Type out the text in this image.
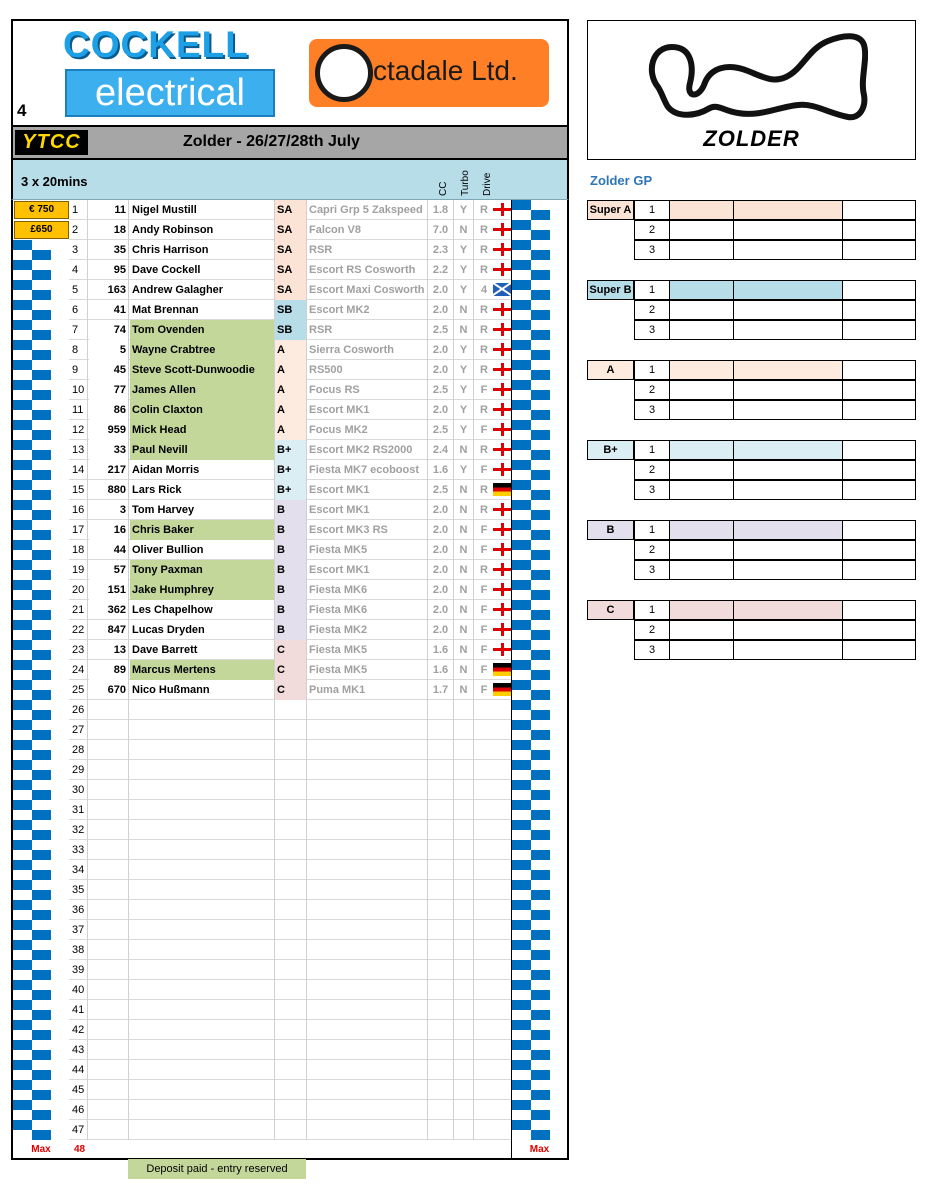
4
COCKELL
electrical
ctadale Ltd.
YTCC	Zolder - 26/27/28th July
3 x 20mins	CC Turbo Drive
€ 750	1	11 Nigel Mustill	SA	Capri Grp 5 Zakspeed 1.8	Y	R
£650	2	18 Andy Robinson	SA	Falcon V8	7.0	N	R
3	35 Chris Harrison	SA	RSR	2.3	Y	R
4	95 Dave Cockell	SA	Escort RS Cosworth	2.2	Y	R
5	163 Andrew Galagher	SA	Escort Maxi Cosworth 2.0	Y	4
6	41 Mat Brennan	SB	Escort MK2	2.0	N	R
7	74 Tom Ovenden	SB	RSR	2.5	N	R
8	5 Wayne Crabtree	A	Sierra Cosworth	2.0	Y	R
9	45 Steve Scott-Dunwoodie	A	RS500	2.0	Y	R
10	77 James Allen	A	Focus RS	2.5	Y	F
11	86 Colin Claxton	A	Escort MK1	2.0	Y	R
12	959 Mick Head	A	Focus MK2	2.5	Y	F
13	33 Paul Nevill	B+	Escort MK2 RS2000	2.4	N	R
14	217 Aidan Morris	B+	Fiesta MK7 ecoboost	1.6	Y	F
15	880 Lars Rick	B+	Escort MK1	2.5	N	R
16	3 Tom Harvey	B	Escort MK1	2.0	N	R
17	16 Chris Baker	B	Escort MK3 RS	2.0	N	F
18	44 Oliver Bullion	B	Fiesta MK5	2.0	N	F
19	57 Tony Paxman	B	Escort MK1	2.0	N	R
20	151 Jake Humphrey	B	Fiesta MK6	2.0	N	F
21	362 Les Chapelhow	B	Fiesta MK6	2.0	N	F
22	847 Lucas Dryden	B	Fiesta MK2	2.0	N	F
23	13 Dave Barrett	C	Fiesta MK5	1.6	N	F
24	89 Marcus Mertens	C	Fiesta MK5	1.6	N	F
25	670 Nico Hußmann	C	Puma MK1	1.7	N	F
26
27
28
29
30
31
32
33
34
35
36
37
38
39
40
41
42
43
44
45
46
47
Max	48	Max
Deposit paid - entry reserved
ZOLDER
Zolder GP
Super A	1
2
3
Super B	1
2
3
A	1
2
3
B+	1
2
3
B	1
2
3
C	1
2
3
